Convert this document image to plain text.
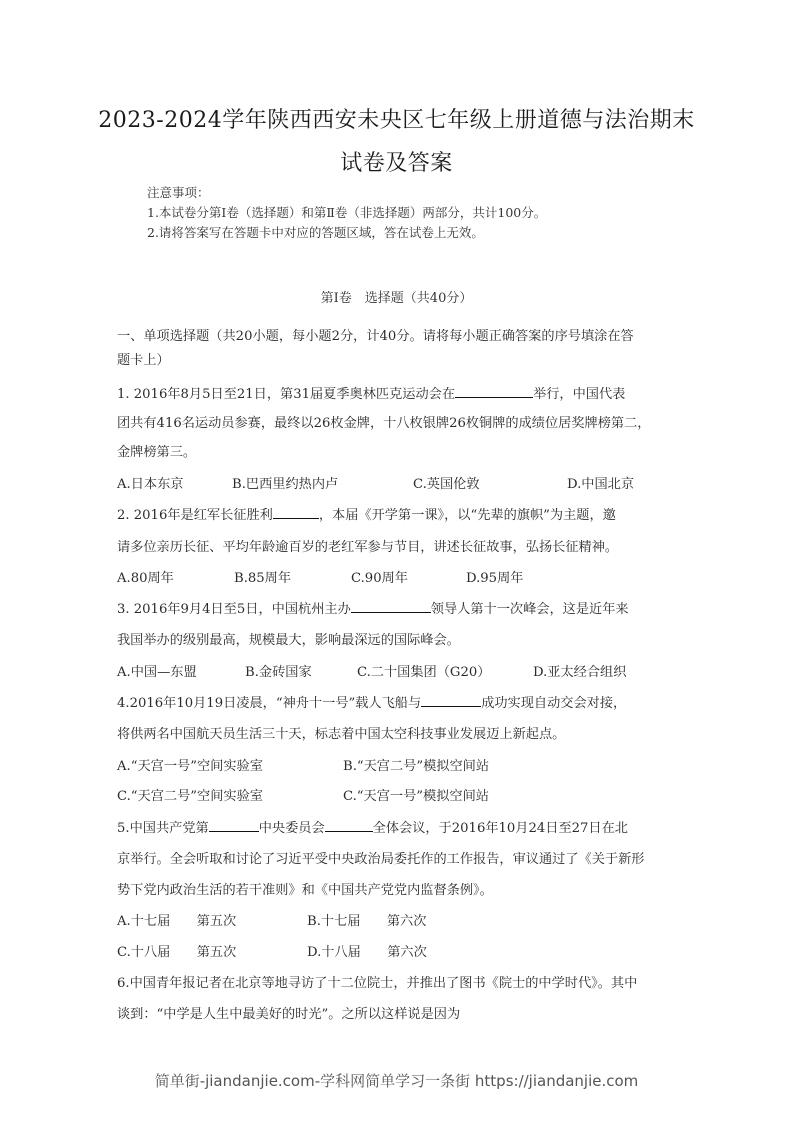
2023-2024学年陕西西安未央区七年级上册道德与法治期末
试卷及答案
注意事项：
1.本试卷分第Ⅰ卷（选择题）和第Ⅱ卷（非选择题）两部分，共计100分。
2.请将答案写在答题卡中对应的答题区域，答在试卷上无效。
第Ⅰ卷　选择题（共40分）
一、单项选择题（共20小题，每小题2分，计40分。请将每小题正确答案的序号填涂在答
题卡上）
1. 2016年8月5日至21日，第31届夏季奥林匹克运动会在	举行，中国代表
团共有416名运动员参赛，最终以26枚金牌，十八枚银牌26枚铜牌的成绩位居奖牌榜第二，
金牌榜第三。
A.日本东京	B.巴西里约热内卢	C.英国伦敦	D.中国北京
2. 2016年是红军长征胜利	，本届《开学第一课》，以“先辈的旗帜”为主题，邀
请多位亲历长征、平均年龄逾百岁的老红军参与节目，讲述长征故事，弘扬长征精神。
A.80周年	B.85周年	C.90周年	D.95周年
3. 2016年9月4日至5日，中国杭州主办	领导人第十一次峰会，这是近年来
我国举办的级别最高，规模最大，影响最深远的国际峰会。
A.中国—东盟	B.金砖国家	C.二十国集团（G20）	D.亚太经合组织
4.2016年10月19日凌晨，“神舟十一号”载人飞船与	成功实现自动交会对接，
将供两名中国航天员生活三十天，标志着中国太空科技事业发展迈上新起点。
A.“天宫一号”空间实验室	B.“天宫二号”模拟空间站
C.“天宫二号”空间实验室	C.“天宫一号”模拟空间站
5.中国共产党第	中央委员会	全体会议，于2016年10月24日至27日在北
京举行。全会听取和讨论了习近平受中央政治局委托作的工作报告，审议通过了《关于新形
势下党内政治生活的若干准则》和《中国共产党党内监督条例》。
A.十七届　　第五次	B.十七届　　第六次
C.十八届　　第五次	D.十八届　　第六次
6.中国青年报记者在北京等地寻访了十二位院士，并推出了图书《院士的中学时代》。其中
谈到：“中学是人生中最美好的时光”。之所以这样说是因为
简单街-jiandanjie.com-学科网简单学习一条街 https://jiandanjie.com
